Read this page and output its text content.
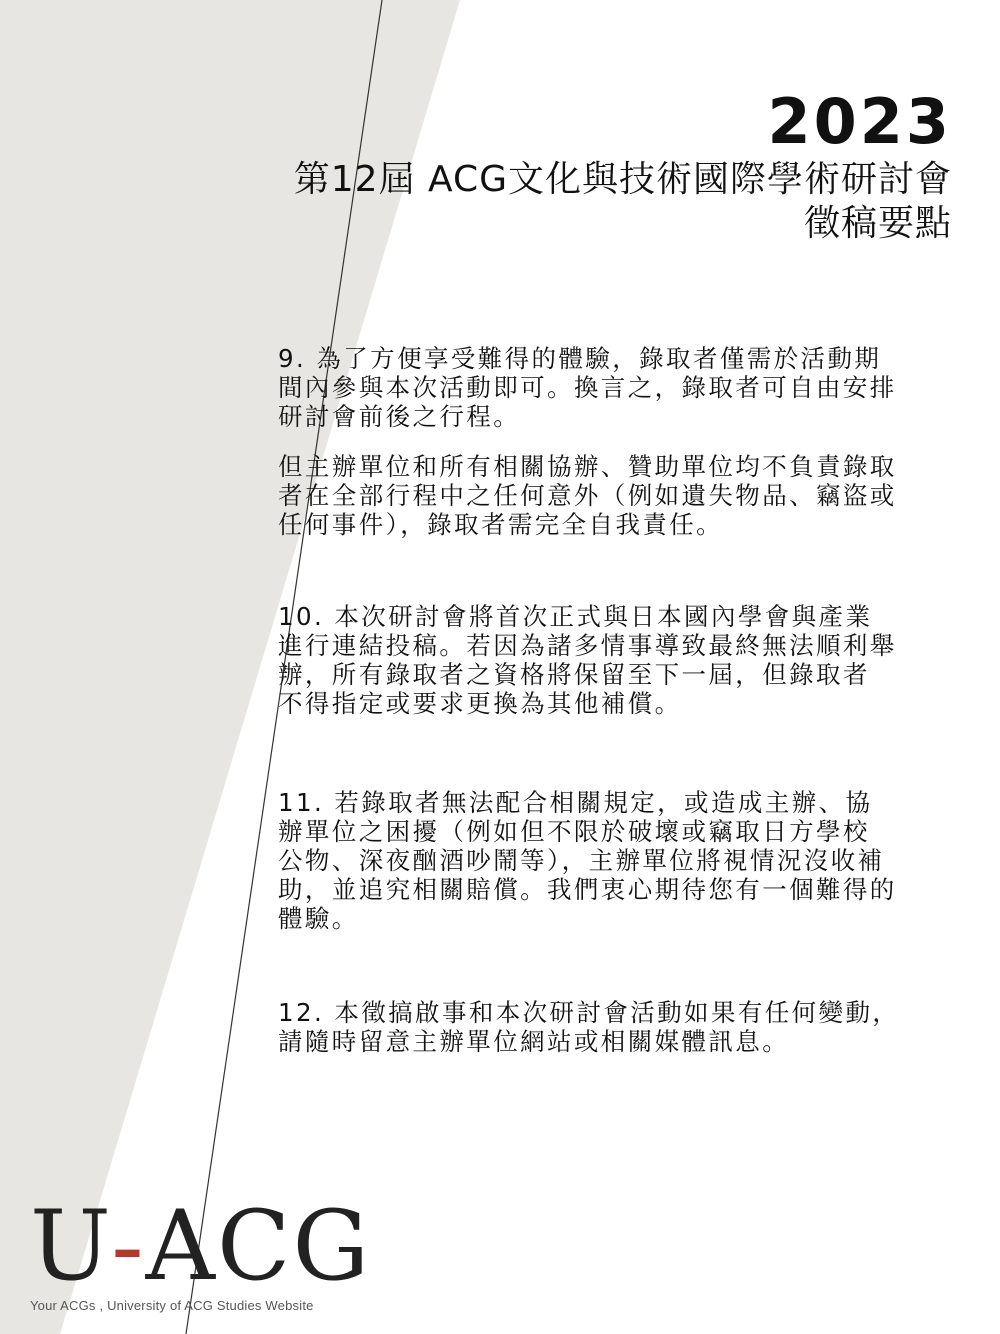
2023
第12屆 ACG文化與技術國際學術研討會
徵稿要點

9. 為了方便享受難得的體驗，錄取者僅需於活動期
間內參與本次活動即可。換言之，錄取者可自由安排
研討會前後之行程。

但主辦單位和所有相關協辦、贊助單位均不負責錄取
者在全部行程中之任何意外（例如遺失物品、竊盜或
任何事件），錄取者需完全自我責任。

10. 本次研討會將首次正式與日本國內學會與產業
進行連結投稿。若因為諸多情事導致最終無法順利舉
辦，所有錄取者之資格將保留至下一屆，但錄取者
不得指定或要求更換為其他補償。

11. 若錄取者無法配合相關規定，或造成主辦、協
辦單位之困擾（例如但不限於破壞或竊取日方學校
公物、深夜酗酒吵鬧等），主辦單位將視情況沒收補
助，並追究相關賠償。我們衷心期待您有一個難得的
體驗。

12. 本徵搞啟事和本次研討會活動如果有任何變動，
請隨時留意主辦單位網站或相關媒體訊息。

U-ACG
Your ACGs , University of ACG Studies Website
